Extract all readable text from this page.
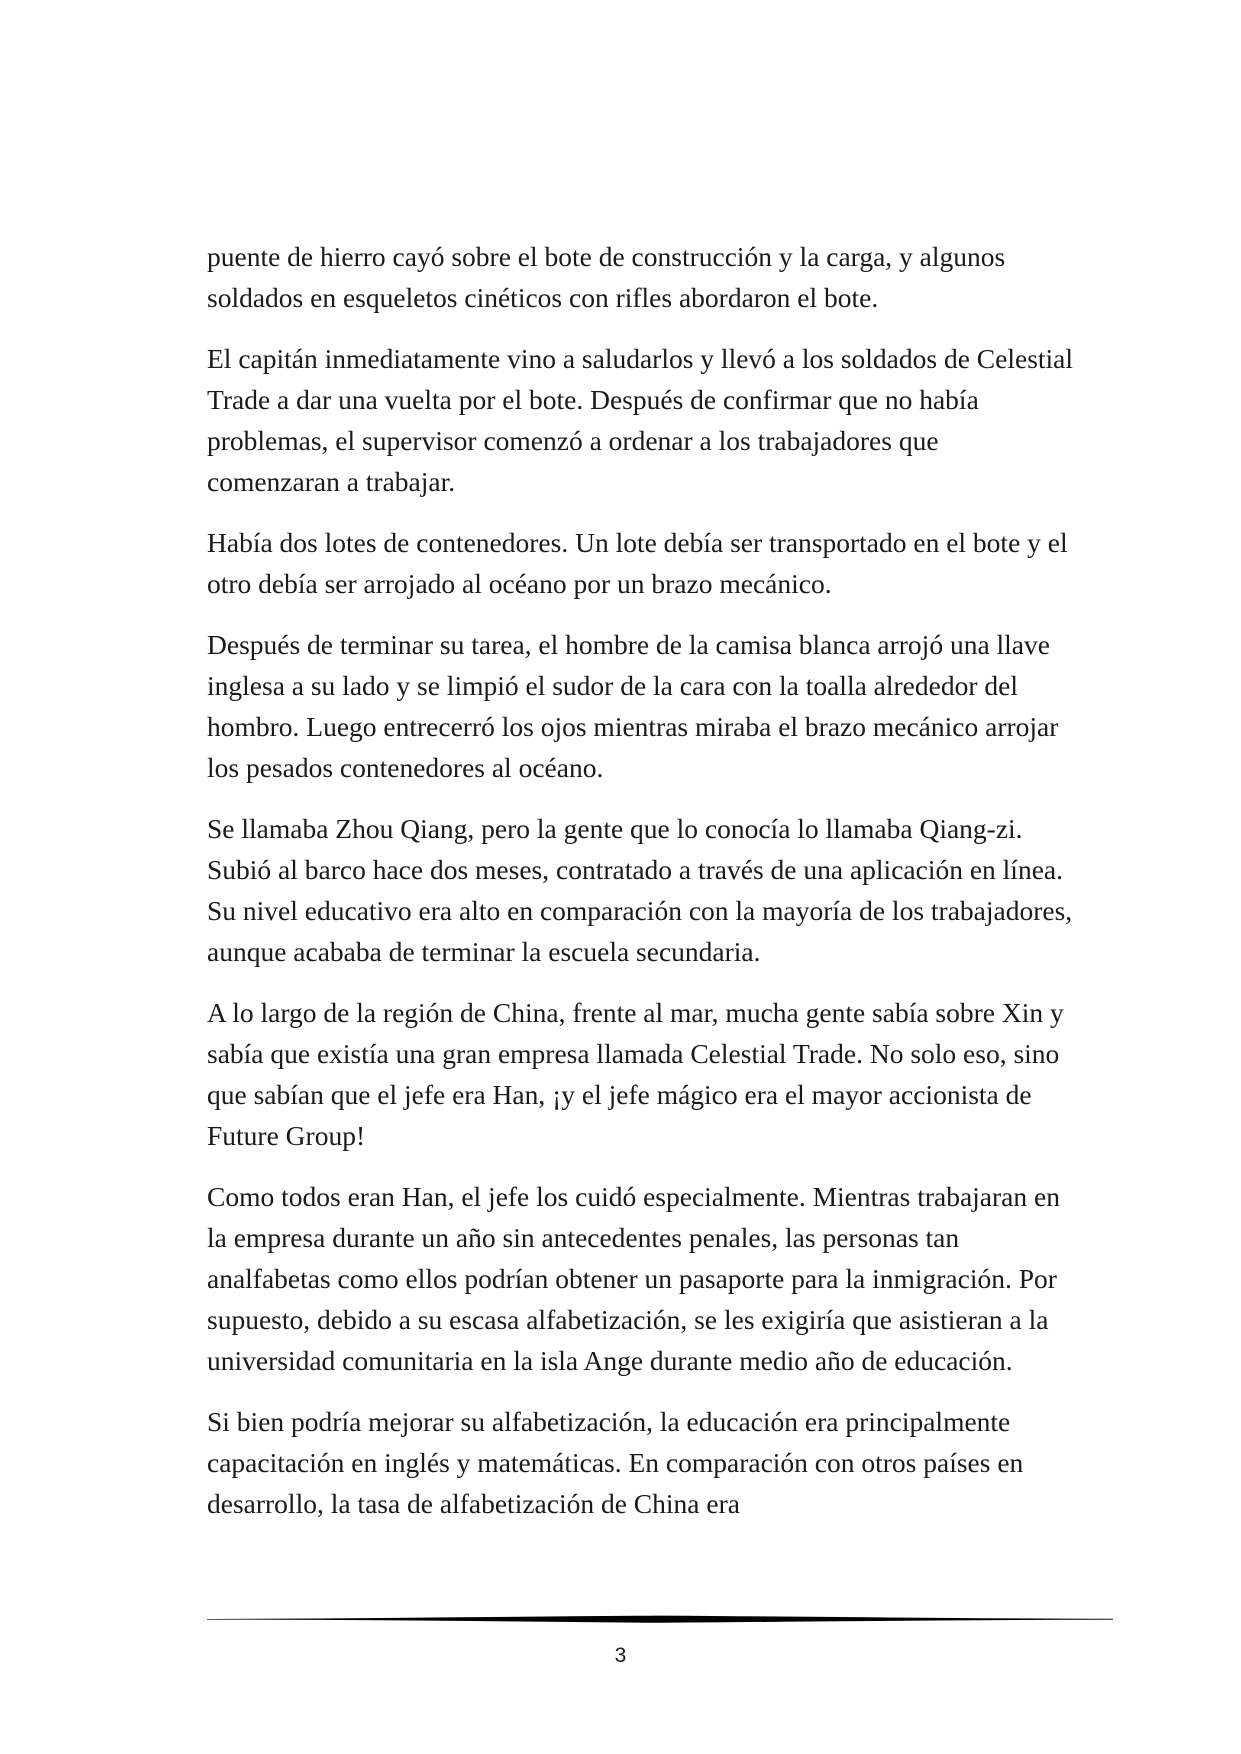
puente de hierro cayó sobre el bote de construcción y la carga, y algunos soldados en esqueletos cinéticos con rifles abordaron el bote.

El capitán inmediatamente vino a saludarlos y llevó a los soldados de Celestial Trade a dar una vuelta por el bote. Después de confirmar que no había problemas, el supervisor comenzó a ordenar a los trabajadores que comenzaran a trabajar.

Había dos lotes de contenedores. Un lote debía ser transportado en el bote y el otro debía ser arrojado al océano por un brazo mecánico.

Después de terminar su tarea, el hombre de la camisa blanca arrojó una llave inglesa a su lado y se limpió el sudor de la cara con la toalla alrededor del hombro. Luego entrecerró los ojos mientras miraba el brazo mecánico arrojar los pesados contenedores al océano.

Se llamaba Zhou Qiang, pero la gente que lo conocía lo llamaba Qiang-zi. Subió al barco hace dos meses, contratado a través de una aplicación en línea. Su nivel educativo era alto en comparación con la mayoría de los trabajadores, aunque acababa de terminar la escuela secundaria.

A lo largo de la región de China, frente al mar, mucha gente sabía sobre Xin y sabía que existía una gran empresa llamada Celestial Trade. No solo eso, sino que sabían que el jefe era Han, ¡y el jefe mágico era el mayor accionista de Future Group!

Como todos eran Han, el jefe los cuidó especialmente. Mientras trabajaran en la empresa durante un año sin antecedentes penales, las personas tan analfabetas como ellos podrían obtener un pasaporte para la inmigración. Por supuesto, debido a su escasa alfabetización, se les exigiría que asistieran a la universidad comunitaria en la isla Ange durante medio año de educación.

Si bien podría mejorar su alfabetización, la educación era principalmente capacitación en inglés y matemáticas. En comparación con otros países en desarrollo, la tasa de alfabetización de China era

3
